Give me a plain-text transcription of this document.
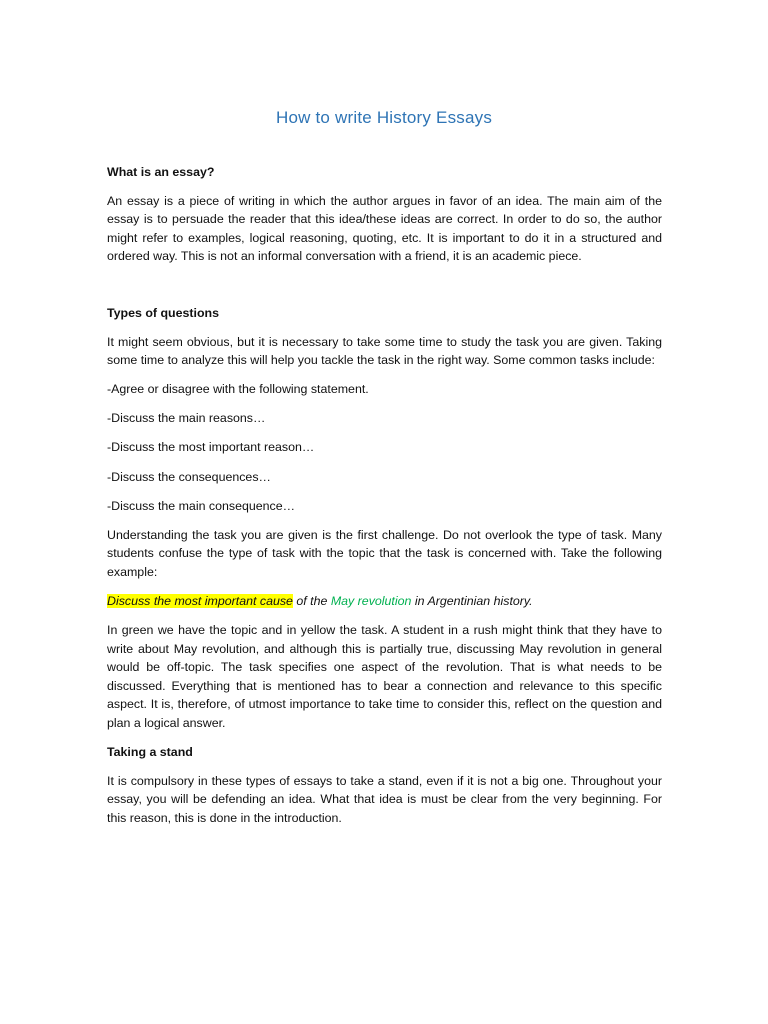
How to write History Essays

What is an essay?

An essay is a piece of writing in which the author argues in favor of an idea. The main aim of the essay is to persuade the reader that this idea/these ideas are correct. In order to do so, the author might refer to examples, logical reasoning, quoting, etc. It is important to do it in a structured and ordered way. This is not an informal conversation with a friend, it is an academic piece.

Types of questions

It might seem obvious, but it is necessary to take some time to study the task you are given. Taking some time to analyze this will help you tackle the task in the right way. Some common tasks include:

-Agree or disagree with the following statement.

-Discuss the main reasons…

-Discuss the most important reason…

-Discuss the consequences…

-Discuss the main consequence…

Understanding the task you are given is the first challenge. Do not overlook the type of task. Many students confuse the type of task with the topic that the task is concerned with. Take the following example:

Discuss the most important cause of the May revolution in Argentinian history.

In green we have the topic and in yellow the task. A student in a rush might think that they have to write about May revolution, and although this is partially true, discussing May revolution in general would be off-topic. The task specifies one aspect of the revolution. That is what needs to be discussed. Everything that is mentioned has to bear a connection and relevance to this specific aspect. It is, therefore, of utmost importance to take time to consider this, reflect on the question and plan a logical answer.

Taking a stand

It is compulsory in these types of essays to take a stand, even if it is not a big one. Throughout your essay, you will be defending an idea. What that idea is must be clear from the very beginning. For this reason, this is done in the introduction.
